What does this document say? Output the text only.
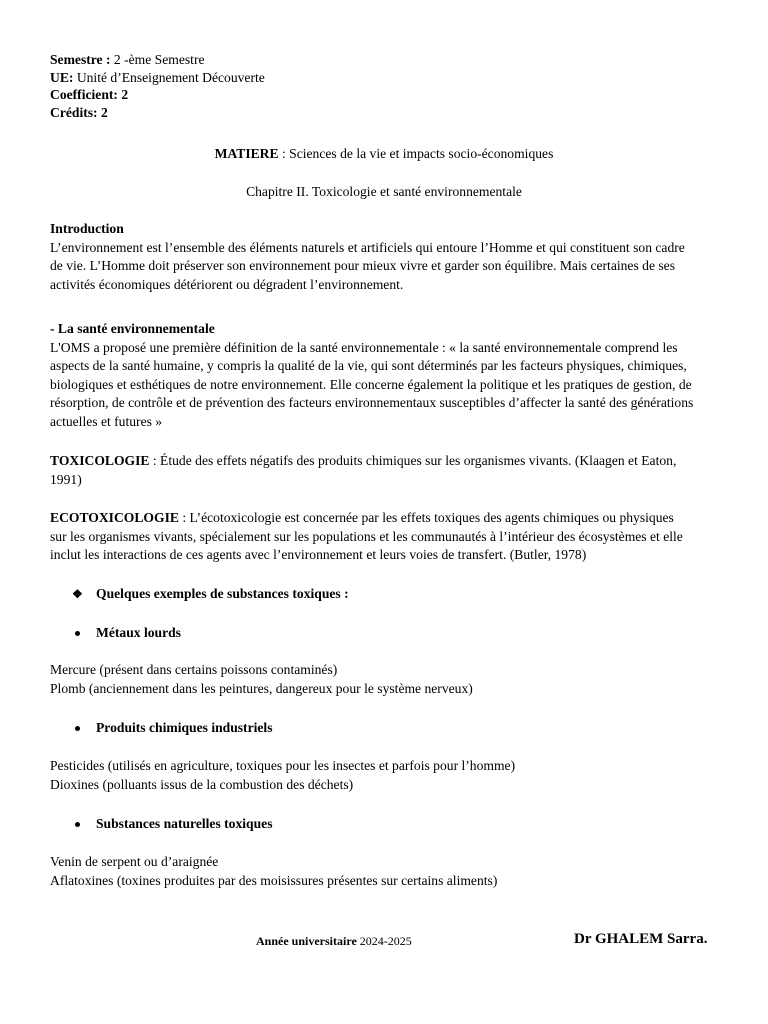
Semestre : 2 -ème Semestre
UE: Unité d’Enseignement Découverte
Coefficient: 2
Crédits: 2
MATIERE : Sciences de la vie et impacts socio-économiques
Chapitre II. Toxicologie et santé environnementale
Introduction
L’environnement est l’ensemble des éléments naturels et artificiels qui entoure l’Homme et qui constituent son cadre
de vie. L’Homme doit préserver son environnement pour mieux vivre et garder son équilibre. Mais certaines de ses
activités économiques détériorent ou dégradent l’environnement.
- La santé environnementale
L'OMS a proposé une première définition de la santé environnementale : « la santé environnementale comprend les
aspects de la santé humaine, y compris la qualité de la vie, qui sont déterminés par les facteurs physiques, chimiques,
biologiques et esthétiques de notre environnement. Elle concerne également la politique et les pratiques de gestion, de
résorption, de contrôle et de prévention des facteurs environnementaux susceptibles d’affecter la santé des générations
actuelles et futures »
TOXICOLOGIE : Étude des effets négatifs des produits chimiques sur les organismes vivants. (Klaagen et Eaton,
1991)
ECOTOXICOLOGIE : L’écotoxicologie est concernée par les effets toxiques des agents chimiques ou physiques
sur les organismes vivants, spécialement sur les populations et les communautés à l’intérieur des écosystèmes et elle
inclut les interactions de ces agents avec l’environnement et leurs voies de transfert. (Butler, 1978)
❖ Quelques exemples de substances toxiques :
Métaux lourds
Mercure (présent dans certains poissons contaminés)
Plomb (anciennement dans les peintures, dangereux pour le système nerveux)
Produits chimiques industriels
Pesticides (utilisés en agriculture, toxiques pour les insectes et parfois pour l’homme)
Dioxines (polluants issus de la combustion des déchets)
Substances naturelles toxiques
Venin de serpent ou d’araignée
Aflatoxines (toxines produites par des moisissures présentes sur certains aliments)
Année universitaire 2024-2025	Dr GHALEM Sarra.
